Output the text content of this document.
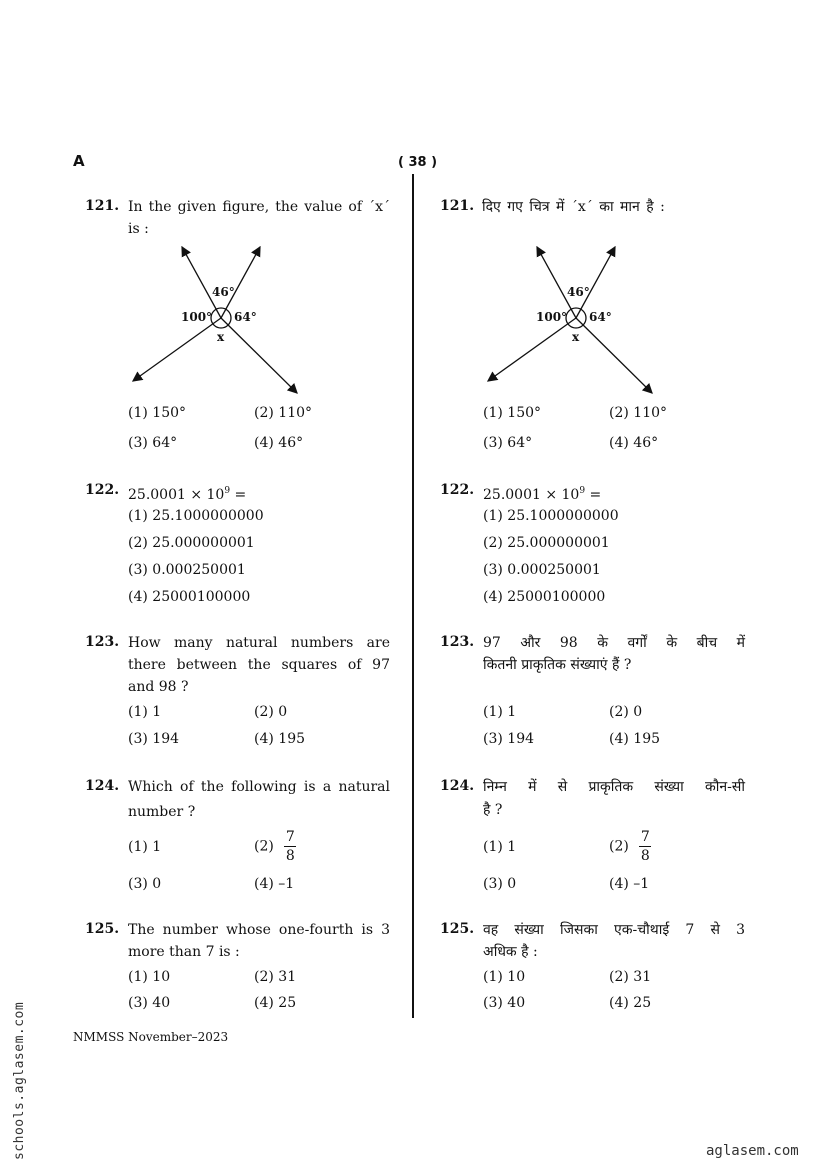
A	( 38 )
121. In the given figure, the value of ´x´
is :
46°
100° 64°
x
(1) 150°	(2) 110°
(3) 64°	(4) 46°
122. $25.0001 \times 10^9$ =
(1) 25.1000000000
(2) 25.000000001
(3) 0.000250001
(4) 25000100000
123. How many natural numbers are
there between the squares of 97
and 98 ?
(1) 1	(2) 0
(3) 194	(4) 195
124. Which of the following is a natural
number ?
(1) 1	$(2) \frac{7}{8}$
(3) 0	(4) –1
125. The number whose one-fourth is 3
more than 7 is :
(1) 10	(2) 31
(3) 40	(4) 25
121. दिए गए चित्र में ´x´ का मान है :
46°
100° 64°
x
(1) 150°	(2) 110°
(3) 64°	(4) 46°
122. $25.0001 \times 10^9$ =
(1) 25.1000000000
(2) 25.000000001
(3) 0.000250001
(4) 25000100000
123. 97 और 98 के वर्गों के बीच में
कितनी प्राकृतिक संख्याएं हैं ?
(1) 1	(2) 0
(3) 194	(4) 195
124. निम्न में से प्राकृतिक संख्या कौन-सी
है ?
(1) 1	$(2) \frac{7}{8}$
(3) 0	(4) –1
125. वह संख्या जिसका एक-चौथाई 7 से 3
अधिक है :
(1) 10	(2) 31
(3) 40	(4) 25
NMMSS November–2023
schools.aglasem.com	aglasem.com
